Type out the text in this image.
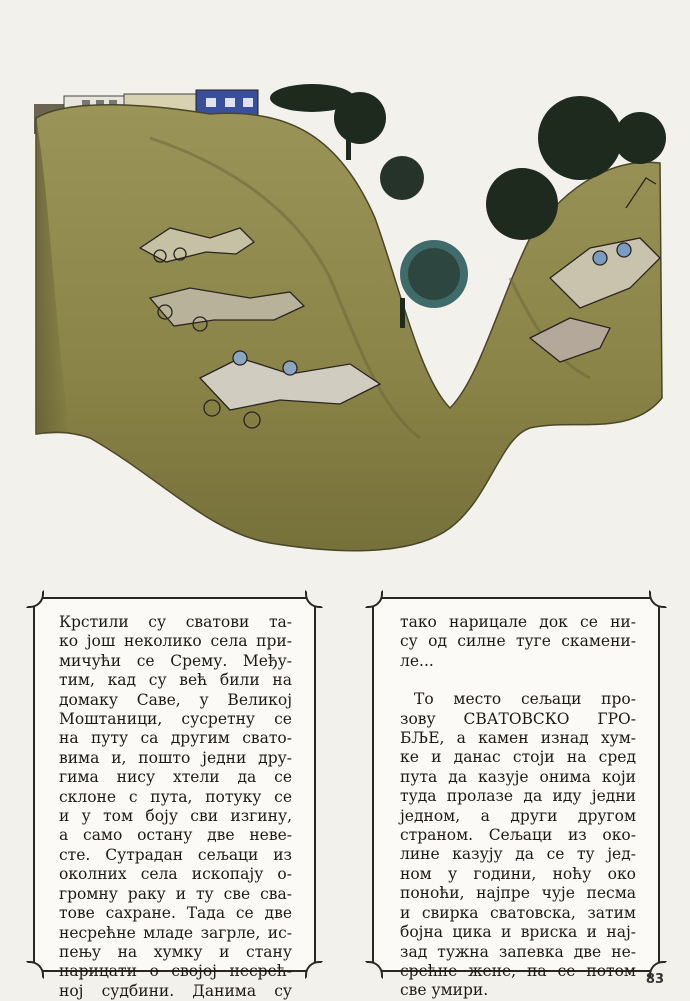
Крстили су сватови та-
ко још неколико села при-
мичући се Срему. Међу-
тим, кад су већ били на
домаку Саве, у Великој
Моштаници, сусретну се
на путу са другим свато-
вима и, пошто једни дру-
гима нису хтели да се
склоне с пута, потуку се
и у том боју сви изгину,
а само остану две неве-
сте. Сутрадан сељаци из
околних села ископају о-
громну раку и ту све сва-
тове сахране. Тада се две
несрећне младе загрле, ис-
пењу на хумку и стану
нарицати о својој несрећ-
ној судбини. Данима су
тако нарицале док се ни-
су од силне туге скамени-
ле...
То место сељаци про-
зову СВАТОВСКО ГРО-
БЉЕ, а камен изнад хум-
ке и данас стоји на сред
пута да казује онима који
туда пролазе да иду једни
једном, а други другом
страном. Сељаци из око-
лине казују да се ту јед-
ном у години, ноћу око
поноћи, најпре чује песма
и свирка сватовска, затим
бојна цика и вриска и нај-
зад тужна запевка две не-
срећне жене, па се потом
све умири.
83
